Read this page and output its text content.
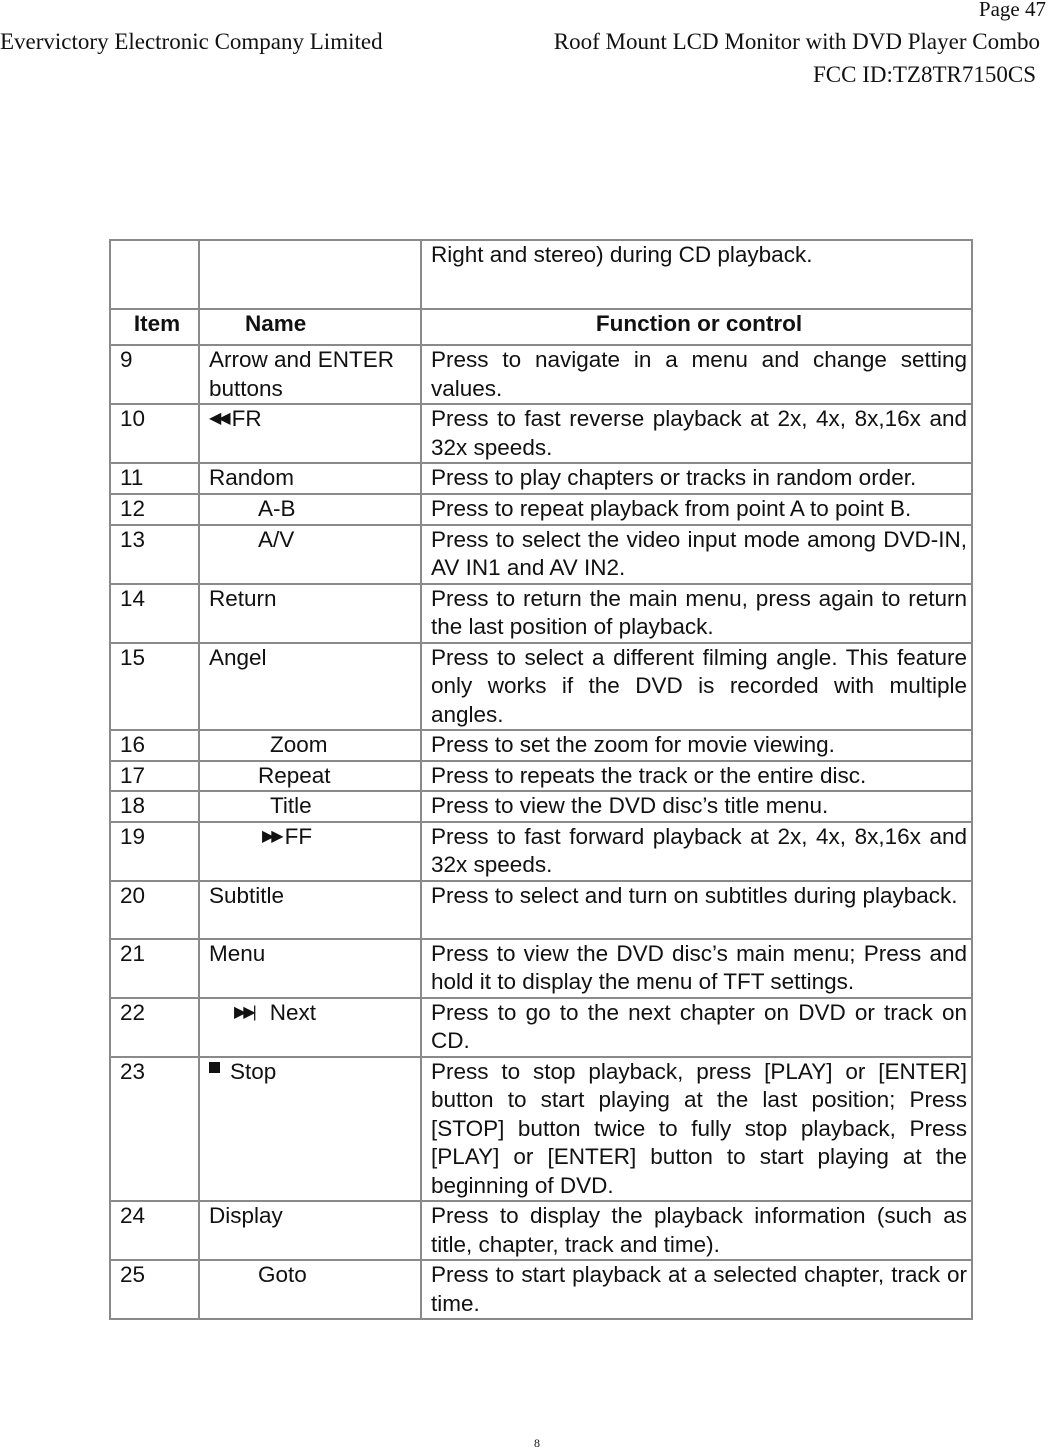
Page 47
Evervictory Electronic Company Limited	Roof Mount LCD Monitor with DVD Player Combo
FCC ID:TZ8TR7150CS
		Right and stereo) during CD playback.
Item	Name	Function or control
9	Arrow and ENTER buttons	Press to navigate in a menu and change setting values.
10	◀◀ FR	Press to fast reverse playback at 2x, 4x, 8x,16x and 32x speeds.
11	Random	Press to play chapters or tracks in random order.
12	A-B	Press to repeat playback from point A to point B.
13	A/V	Press to select the video input mode among DVD-IN, AV IN1 and AV IN2.
14	Return	Press to return the main menu, press again to return the last position of playback.
15	Angel	Press to select a different filming angle. This feature only works if the DVD is recorded with multiple angles.
16	Zoom	Press to set the zoom for movie viewing.
17	Repeat	Press to repeats the track or the entire disc.
18	Title	Press to view the DVD disc’s title menu.
19	▶▶ FF	Press to fast forward playback at 2x, 4x, 8x,16x and 32x speeds.
20	Subtitle	Press to select and turn on subtitles during playback.
21	Menu	Press to view the DVD disc’s main menu; Press and hold it to display the menu of TFT settings.
22	▶▶| Next	Press to go to the next chapter on DVD or track on CD.
23	Stop	Press to stop playback, press [PLAY] or [ENTER] button to start playing at the last position; Press [STOP] button twice to fully stop playback, Press [PLAY] or [ENTER] button to start playing at the beginning of DVD.
24	Display	Press to display the playback information (such as title, chapter, track and time).
25	Goto	Press to start playback at a selected chapter, track or time.
8
